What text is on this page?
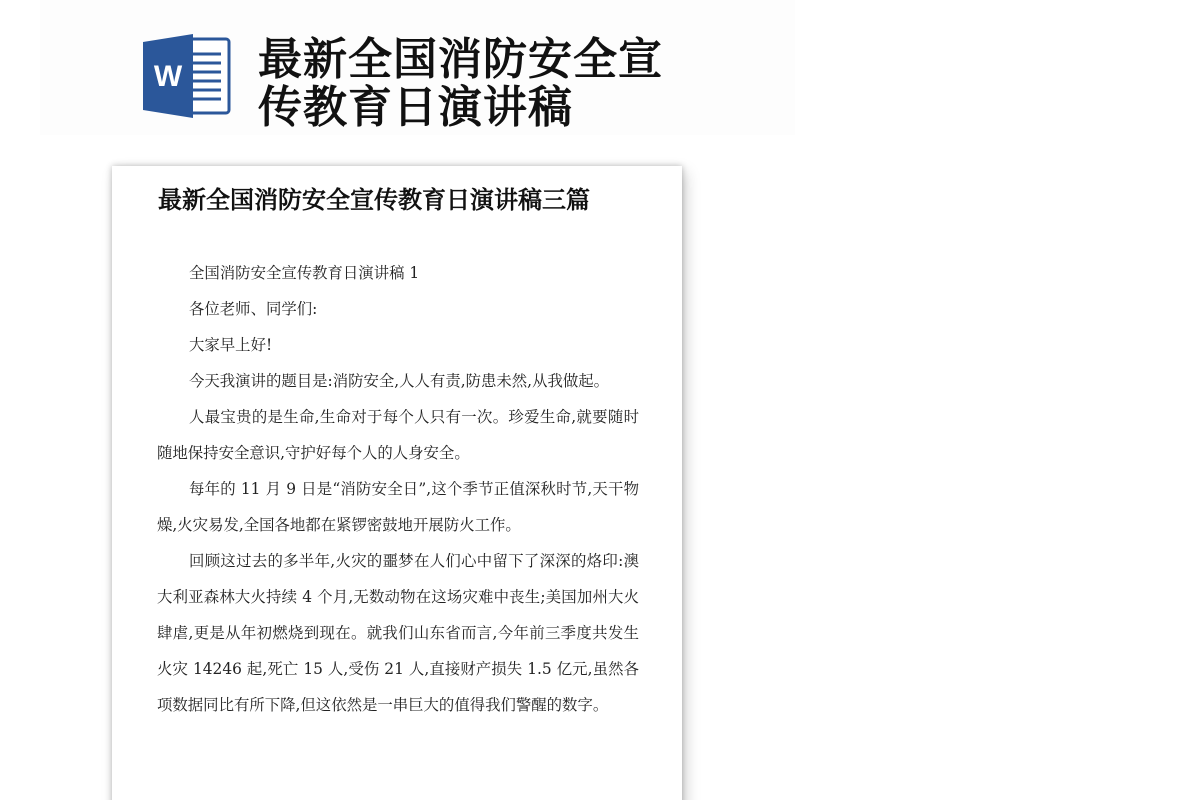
W 最新全国消防安全宣传教育日演讲稿
最新全国消防安全宣传教育日演讲稿三篇

全国消防安全宣传教育日演讲稿 1

各位老师、同学们:

大家早上好!

今天我演讲的题目是:消防安全,人人有责,防患未然,从我做起。

人最宝贵的是生命,生命对于每个人只有一次。珍爱生命,就要随时随地保持安全意识,守护好每个人的人身安全。

每年的 11 月 9 日是“消防安全日”,这个季节正值深秋时节,天干物燥,火灾易发,全国各地都在紧锣密鼓地开展防火工作。

回顾这过去的多半年,火灾的噩梦在人们心中留下了深深的烙印:澳大利亚森林大火持续 4 个月,无数动物在这场灾难中丧生;美国加州大火肆虐,更是从年初燃烧到现在。就我们山东省而言,今年前三季度共发生火灾 14246 起,死亡 15 人,受伤 21 人,直接财产损失 1.5 亿元,虽然各项数据同比有所下降,但这依然是一串巨大的值得我们警醒的数字。
